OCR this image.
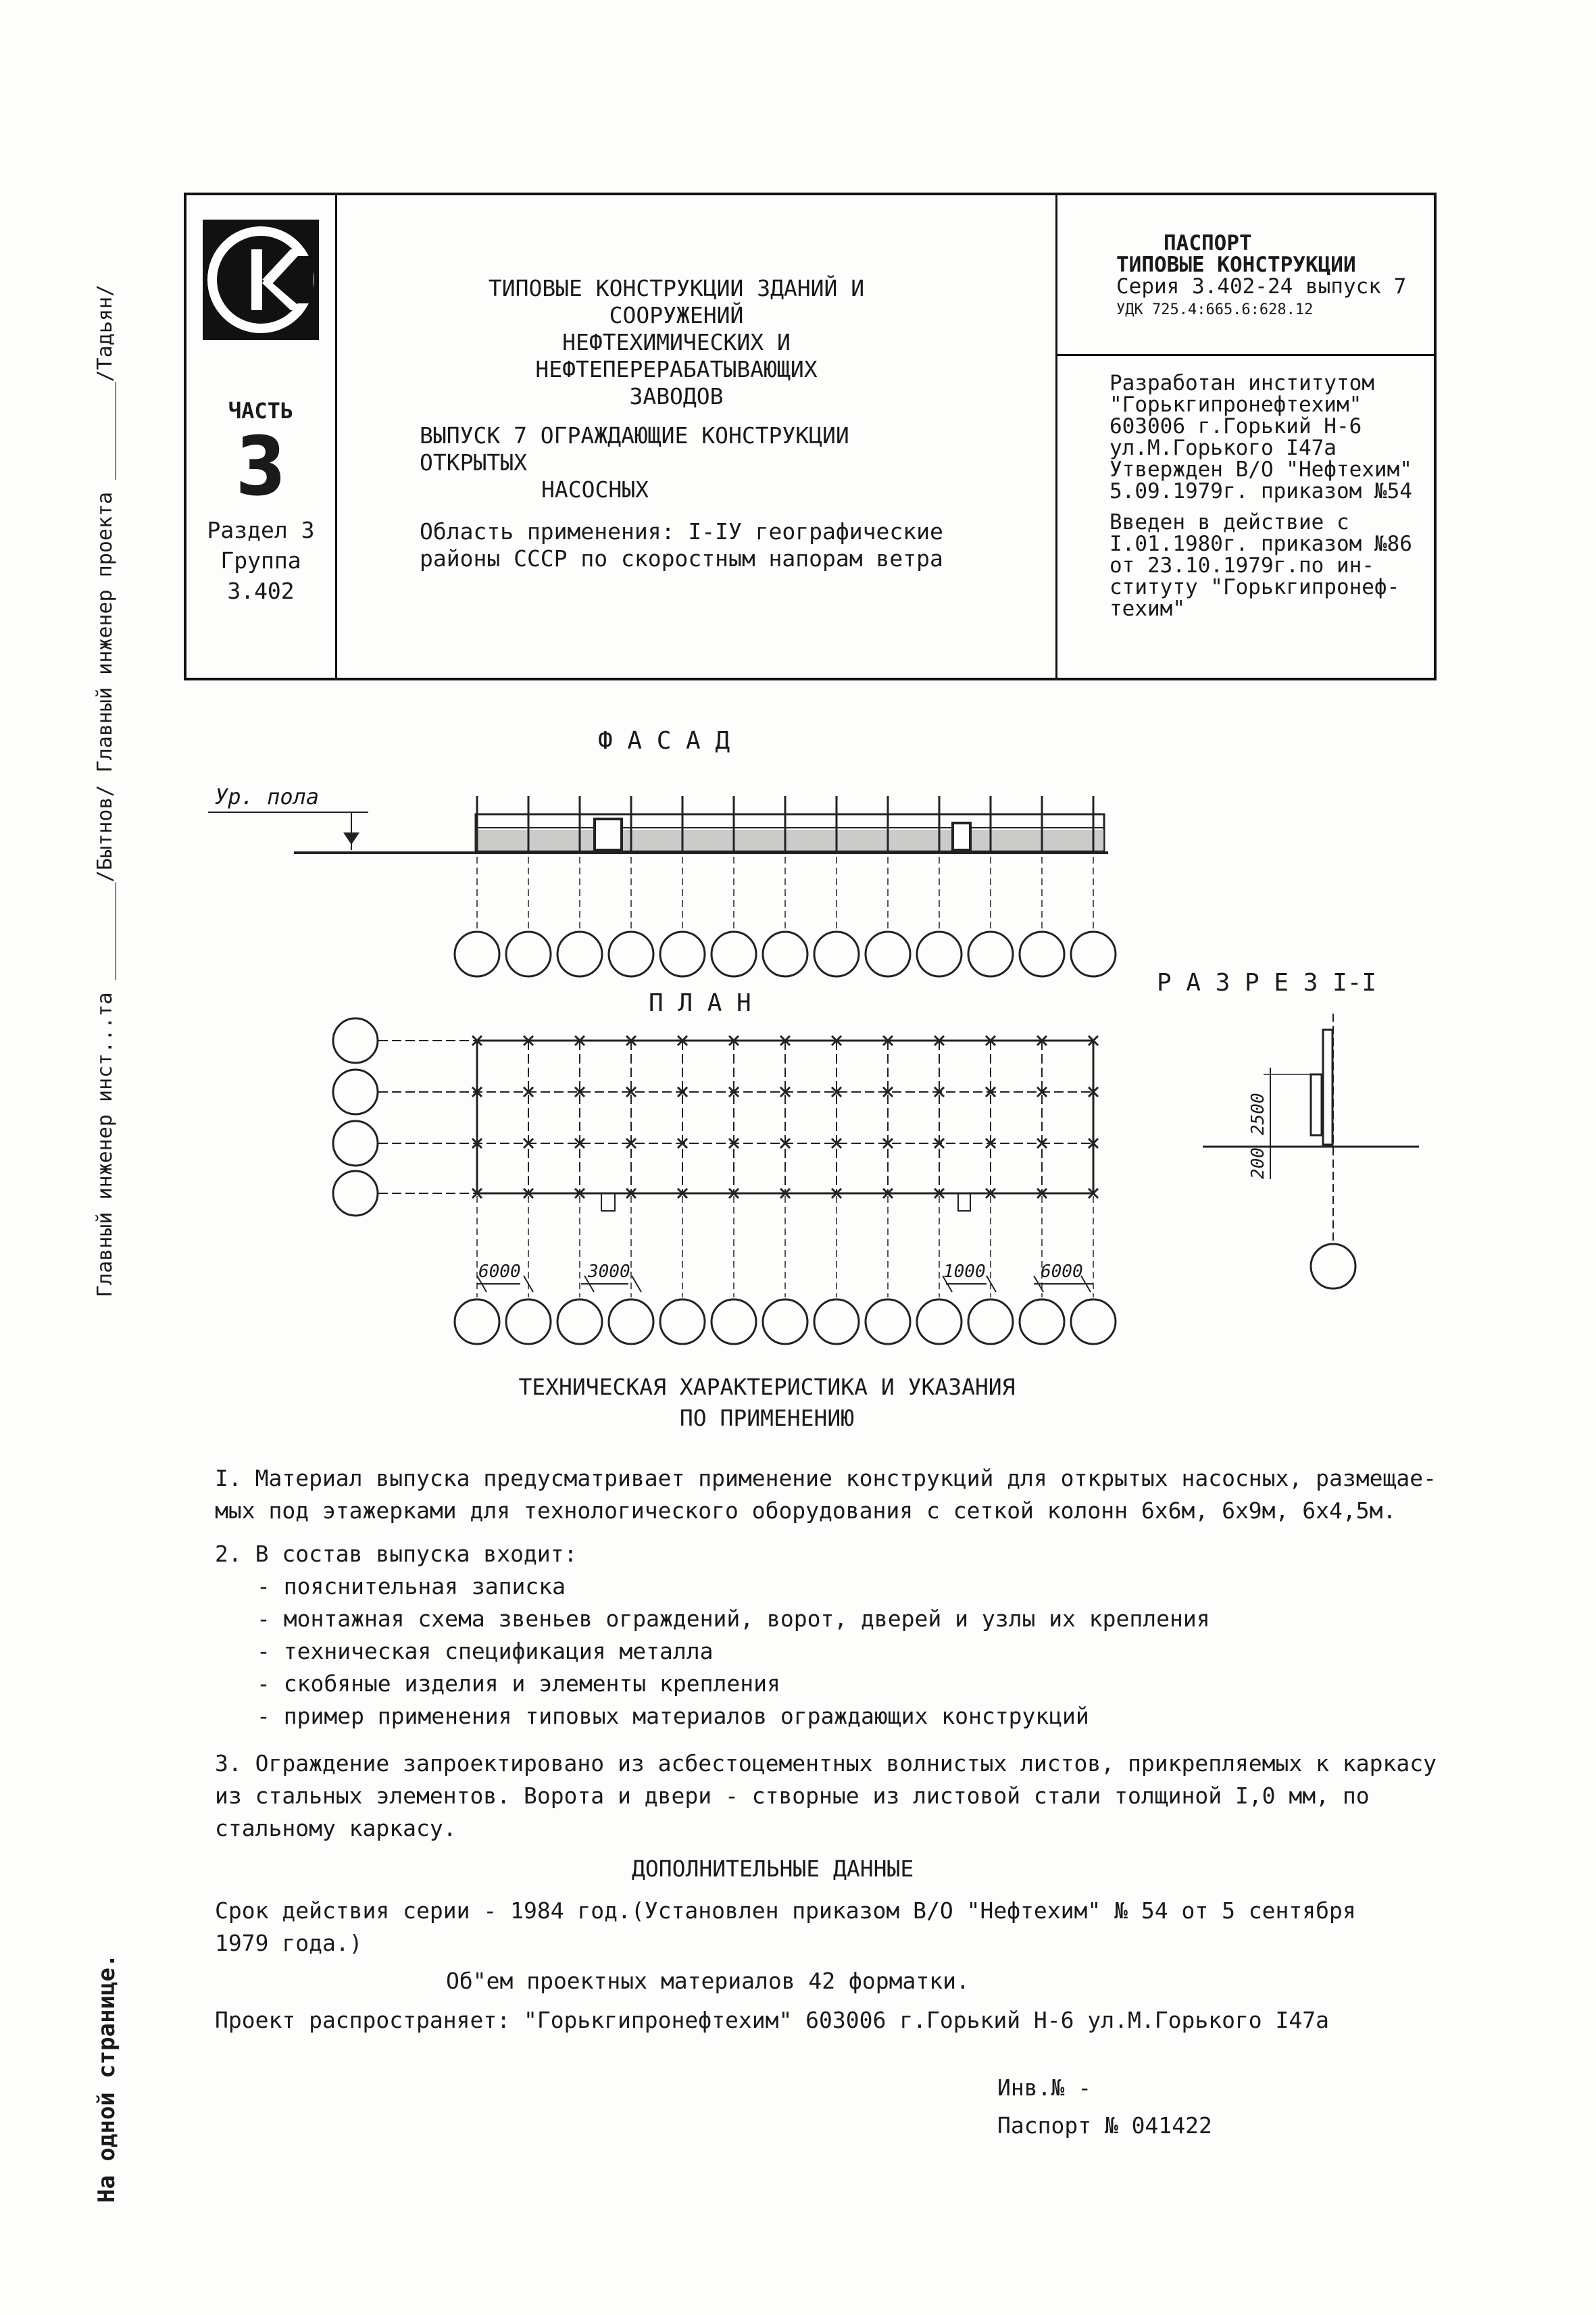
Главный инженер инст...та ________/Бытнов/ Главный инженер проекта ________/Тадьян/
На одной странице.
ЧАСТЬ
3
Раздел 3
Группа
3.402
ТИПОВЫЕ КОНСТРУКЦИИ ЗДАНИЙ И СООРУЖЕНИЙ
НЕФТЕХИМИЧЕСКИХ И НЕФТЕПЕРЕРАБАТЫВАЮЩИХ
ЗАВОДОВ
ВЫПУСК 7 ОГРАЖДАЮЩИЕ КОНСТРУКЦИИ ОТКРЫТЫХ
НАСОСНЫХ
Область применения: I-IУ географические
районы СССР по скоростным напорам ветра
ПАСПОРТ
ТИПОВЫЕ КОНСТРУКЦИИ
Серия 3.402-24 выпуск 7
УДК 725.4:665.6:628.12
Разработан институтом
"Горькгипронефтехим"
603006 г.Горький Н-6
ул.М.Горького I47а
Утвержден В/О "Нефтехим"
5.09.1979г. приказом №54
Введен в действие с
I.01.1980г. приказом №86
от 23.10.1979г.по ин-
ституту "Горькгипронеф-
техим"
Ф А С А Д
Ур. пола
П Л А Н
Р А З Р Е З I-I
6000	3000	1000	6000
2500
200
ТЕХНИЧЕСКАЯ ХАРАКТЕРИСТИКА И УКАЗАНИЯ
ПО ПРИМЕНЕНИЮ
I. Материал выпуска предусматривает применение конструкций для открытых насосных, размещае-
мых под этажерками для технологического оборудования с сеткой колонн 6х6м, 6х9м, 6х4,5м.
2. В состав выпуска входит:
- пояснительная записка
- монтажная схема звеньев ограждений, ворот, дверей и узлы их крепления
- техническая спецификация металла
- скобяные изделия и элементы крепления
- пример применения типовых материалов ограждающих конструкций
3. Ограждение запроектировано из асбестоцементных волнистых листов, прикрепляемых к каркасу
из стальных элементов. Ворота и двери - створные из листовой стали толщиной I,0 мм, по
стальному каркасу.
ДОПОЛНИТЕЛЬНЫЕ ДАННЫЕ
Срок действия серии - 1984 год.(Установлен приказом В/О "Нефтехим" № 54 от 5 сентября
1979 года.)
Об"ем проектных материалов 42 форматки.
Проект распространяет: "Горькгипронефтехим" 603006 г.Горький Н-6 ул.М.Горького I47а
Инв.№ -
Паспорт № 041422
